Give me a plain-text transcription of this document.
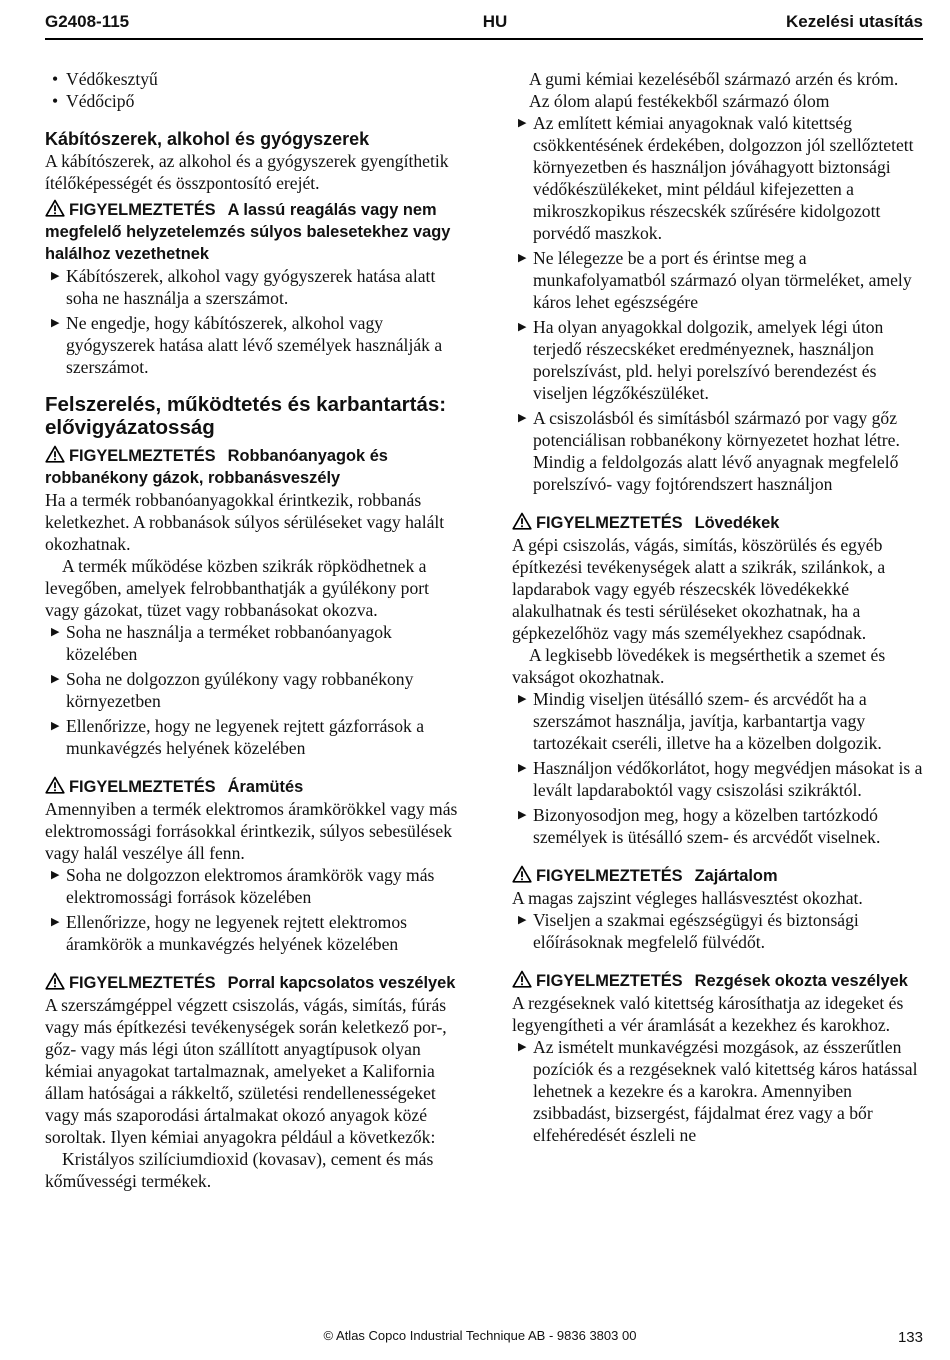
G2408-115	HU	Kezelési utasítás
• Védőkesztyű
• Védőcipő
Kábítószerek, alkohol és gyógyszerek

A kábítószerek, az alkohol és a gyógyszerek gyengíthetik ítélőképességét és összpontosító erejét.

FIGYELMEZTETÉS A lassú reagálás vagy nem megfelelő helyzetelemzés súlyos balesetekhez vagy halálhoz vezethetnek

▶ Kábítószerek, alkohol vagy gyógyszerek hatása alatt soha ne használja a szerszámot.
▶ Ne engedje, hogy kábítószerek, alkohol vagy gyógyszerek hatása alatt lévő személyek használják a szerszámot.
Felszerelés, működtetés és karbantartás: elővigyázatosság

FIGYELMEZTETÉS Robbanóanyagok és robbanékony gázok, robbanásveszély

Ha a termék robbanóanyagokkal érintkezik, robbanás keletkezhet. A robbanások súlyos sérüléseket vagy halált okozhatnak.

A termék működése közben szikrák röpködhetnek a levegőben, amelyek felrobbanthatják a gyúlékony port vagy gázokat, tüzet vagy robbanásokat okozva.

▶ Soha ne használja a terméket robbanóanyagok közelében
▶ Soha ne dolgozzon gyúlékony vagy robbanékony környezetben
▶ Ellenőrizze, hogy ne legyenek rejtett gázforrások a munkavégzés helyének közelében

FIGYELMEZTETÉS Áramütés

Amennyiben a termék elektromos áramkörökkel vagy más elektromossági forrásokkal érintkezik, súlyos sebesülések vagy halál veszélye áll fenn.

▶ Soha ne dolgozzon elektromos áramkörök vagy más elektromossági források közelében
▶ Ellenőrizze, hogy ne legyenek rejtett elektromos áramkörök a munkavégzés helyének közelében

FIGYELMEZTETÉS Porral kapcsolatos veszélyek

A szerszámgéppel végzett csiszolás, vágás, simítás, fúrás vagy más építkezési tevékenységek során keletkező por-, gőz- vagy más légi úton szállított anyagtípusok olyan kémiai anyagokat tartalmaznak, amelyeket a Kalifornia állam hatóságai a rákkeltő, születési rendellenességeket vagy más szaporodási ártalmakat okozó anyagok közé soroltak. Ilyen kémiai anyagokra például a következők:

Kristályos szilíciumdioxid (kovasav), cement és más kőművességi termékek.

A gumi kémiai kezeléséből származó arzén és króm.

Az ólom alapú festékekből származó ólom

▶ Az említett kémiai anyagoknak való kitettség csökkentésének érdekében, dolgozzon jól szellőztetett környezetben és használjon jóváhagyott biztonsági védőkészülékeket, mint például kifejezetten a mikroszkopikus részecskék szűrésére kidolgozott porvédő maszkok.
▶ Ne lélegezze be a port és érintse meg a munkafolyamatból származó olyan törmeléket, amely káros lehet egészségére
▶ Ha olyan anyagokkal dolgozik, amelyek légi úton terjedő részecskéket eredményeznek, használjon porelszívást, pld. helyi porelszívó berendezést és viseljen légzőkészüléket.
▶ A csiszolásból és simításból származó por vagy gőz potenciálisan robbanékony környezetet hozhat létre. Mindig a feldolgozás alatt lévő anyagnak megfelelő porelszívó- vagy fojtórendszert használjon

FIGYELMEZTETÉS Lövedékek

A gépi csiszolás, vágás, simítás, köszörülés és egyéb építkezési tevékenységek alatt a szikrák, szilánkok, a lapdarabok vagy egyéb részecskék lövedékekké alakulhatnak és testi sérüléseket okozhatnak, ha a gépkezelőhöz vagy más személyekhez csapódnak.

A legkisebb lövedékek is megsérthetik a szemet és vakságot okozhatnak.

▶ Mindig viseljen ütésálló szem- és arcvédőt ha a szerszámot használja, javítja, karbantartja vagy tartozékait cseréli, illetve ha a közelben dolgozik.
▶ Használjon védőkorlátot, hogy megvédjen másokat is a levált lapdaraboktól vagy csiszolási szikráktól.
▶ Bizonyosodjon meg, hogy a közelben tartózkodó személyek is ütésálló szem- és arcvédőt viselnek.

FIGYELMEZTETÉS Zajártalom

A magas zajszint végleges hallásvesztést okozhat.

▶ Viseljen a szakmai egészségügyi és biztonsági előírásoknak megfelelő fülvédőt.

FIGYELMEZTETÉS Rezgések okozta veszélyek

A rezgéseknek való kitettség károsíthatja az idegeket és legyengítheti a vér áramlását a kezekhez és karokhoz.

▶ Az ismételt munkavégzési mozgások, az ésszerűtlen pozíciók és a rezgéseknek való kitettség káros hatással lehetnek a kezekre és a karokra. Amennyiben zsibbadást, bizsergést, fájdalmat érez vagy a bőr elfehéredését észleli ne
© Atlas Copco Industrial Technique AB - 9836 3803 00	133
